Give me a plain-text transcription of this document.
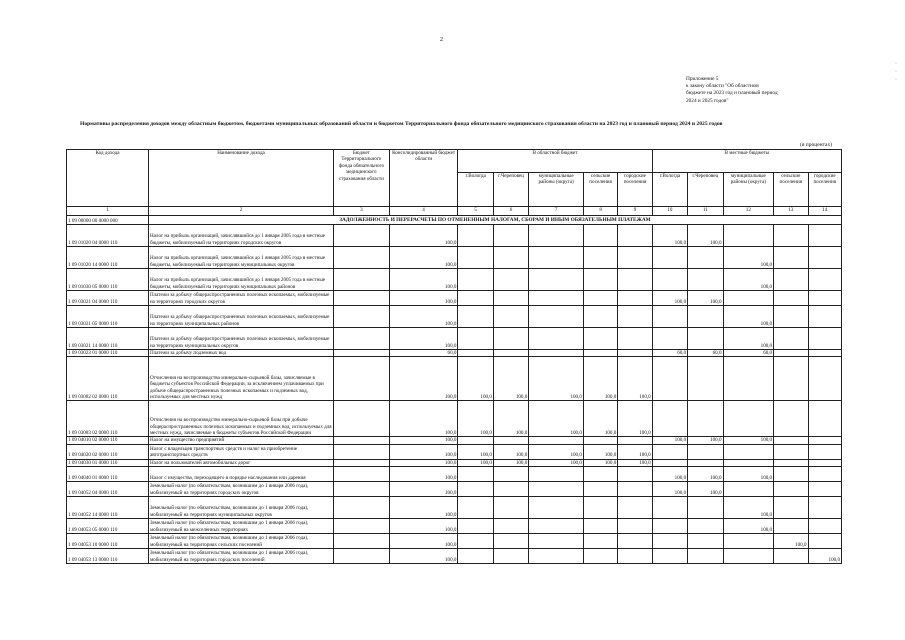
2
Приложение 5
к закону области "Об областном
бюджете на 2023 год и плановый период
2024 и 2025 годов"
Нормативы распределения доходов между областным бюджетом, бюджетами муниципальных образований области и бюджетом Территориального фонда обязательного медицинского страхования области на 2023 год и плановый период 2024 и 2025 годов
(в процентах)
Код дохода	Наименование дохода	Бюджет Территориального фонда обязательного медицинского страхования области	Консолидированный бюджет области	В областной бюджет					В местные бюджеты				
				г.Вологда	г.Череповец	муниципальные районы (округа)	сельские поселения	городские поселения	г.Вологда	г.Череповец	муниципальные районы (округа)	сельские поселения	городские поселения
1	2	3	4	5	6	7	8	9	10	11	12	13	14
1 09 00000 00 0000 000	ЗАДОЛЖЕННОСТЬ И ПЕРЕРАСЧЕТЫ ПО ОТМЕНЕННЫМ НАЛОГАМ, СБОРАМ И ИНЫМ ОБЯЗАТЕЛЬНЫМ ПЛАТЕЖАМ												
1 09 01020 04 0000 110	Налог на прибыль организаций, зачислявшийся до 1 января 2005 года в местные бюджеты, мобилизуемый на территориях городских округов		100,0						100,0	100,0			
1 09 01020 14 0000 110	Налог на прибыль организаций, зачислявшийся до 1 января 2005 года в местные бюджеты, мобилизуемый на территориях муниципальных округов		100,0								100,0		
1 09 01030 05 0000 110	Налог на прибыль организаций, зачислявшийся до 1 января 2005 года в местные бюджеты, мобилизуемый на территориях муниципальных районов		100,0								100,0		
1 09 03021 04 0000 110	Платежи за добычу общераспространенных полезных ископаемых, мобилизуемые на территориях городских округов		100,0						100,0	100,0			
1 09 03021 05 0000 110	Платежи за добычу общераспространенных полезных ископаемых, мобилизуемые на территориях муниципальных районов		100,0								100,0		
1 09 03021 14 0000 110	Платежи за добычу общераспространенных полезных ископаемых, мобилизуемые на территориях муниципальных округов		100,0								100,0		
1 09 03023 01 0000 110	Платежи за добычу подземных вод		60,0						60,0	60,0	60,0		
1 09 03082 02 0000 110	Отчисления на воспроизводство минерально-сырьевой базы, зачисляемые в бюджеты субъектов Российской Федерации, за исключением уплачиваемых при добыче общераспространенных полезных ископаемых и подземных вод, используемых для местных нужд		100,0	100,0	100,0	100,0	100,0	100,0					
1 09 03083 02 0000 110	Отчисления на воспроизводство минерально-сырьевой базы при добыче общераспространенных полезных ископаемых и подземных вод, используемых для местных нужд, зачисляемые в бюджеты субъектов Российской Федерации		100,0	100,0	100,0	100,0	100,0	100,0					
1 09 04010 02 0000 110	Налог на имущество предприятий		100,0						100,0	100,0	100,0		
1 09 04020 02 0000 110	Налог с владельцев транспортных средств и налог на приобретение автотранспортных средств		100,0	100,0	100,0	100,0	100,0	100,0					
1 09 04030 01 0000 110	Налог на пользователей автомобильных дорог		100,0	100,0	100,0	100,0	100,0	100,0					
1 09 04040 01 0000 110	Налог с имущества, переходящего в порядке наследования или дарения		100,0						100,0	100,0	100,0		
1 09 04052 04 0000 110	Земельный налог (по обязательствам, возникшим до 1 января 2006 года), мобилизуемый на территориях городских округов		100,0						100,0	100,0			
1 09 04052 14 0000 110	Земельный налог (по обязательствам, возникшим до 1 января 2006 года), мобилизуемый на территориях муниципальных округов		100,0								100,0		
1 09 04053 05 0000 110	Земельный налог (по обязательствам, возникшим до 1 января 2006 года), мобилизуемый на межселенных территориях		100,0								100,0		
1 09 04053 10 0000 110	Земельный налог (по обязательствам, возникшим до 1 января 2006 года), мобилизуемый на территориях сельских поселений		100,0									100,0	
1 09 04053 13 0000 110	Земельный налог (по обязательствам, возникшим до 1 января 2006 года), мобилизуемый на территориях городских поселений		100,0										100,0
·
·
·
